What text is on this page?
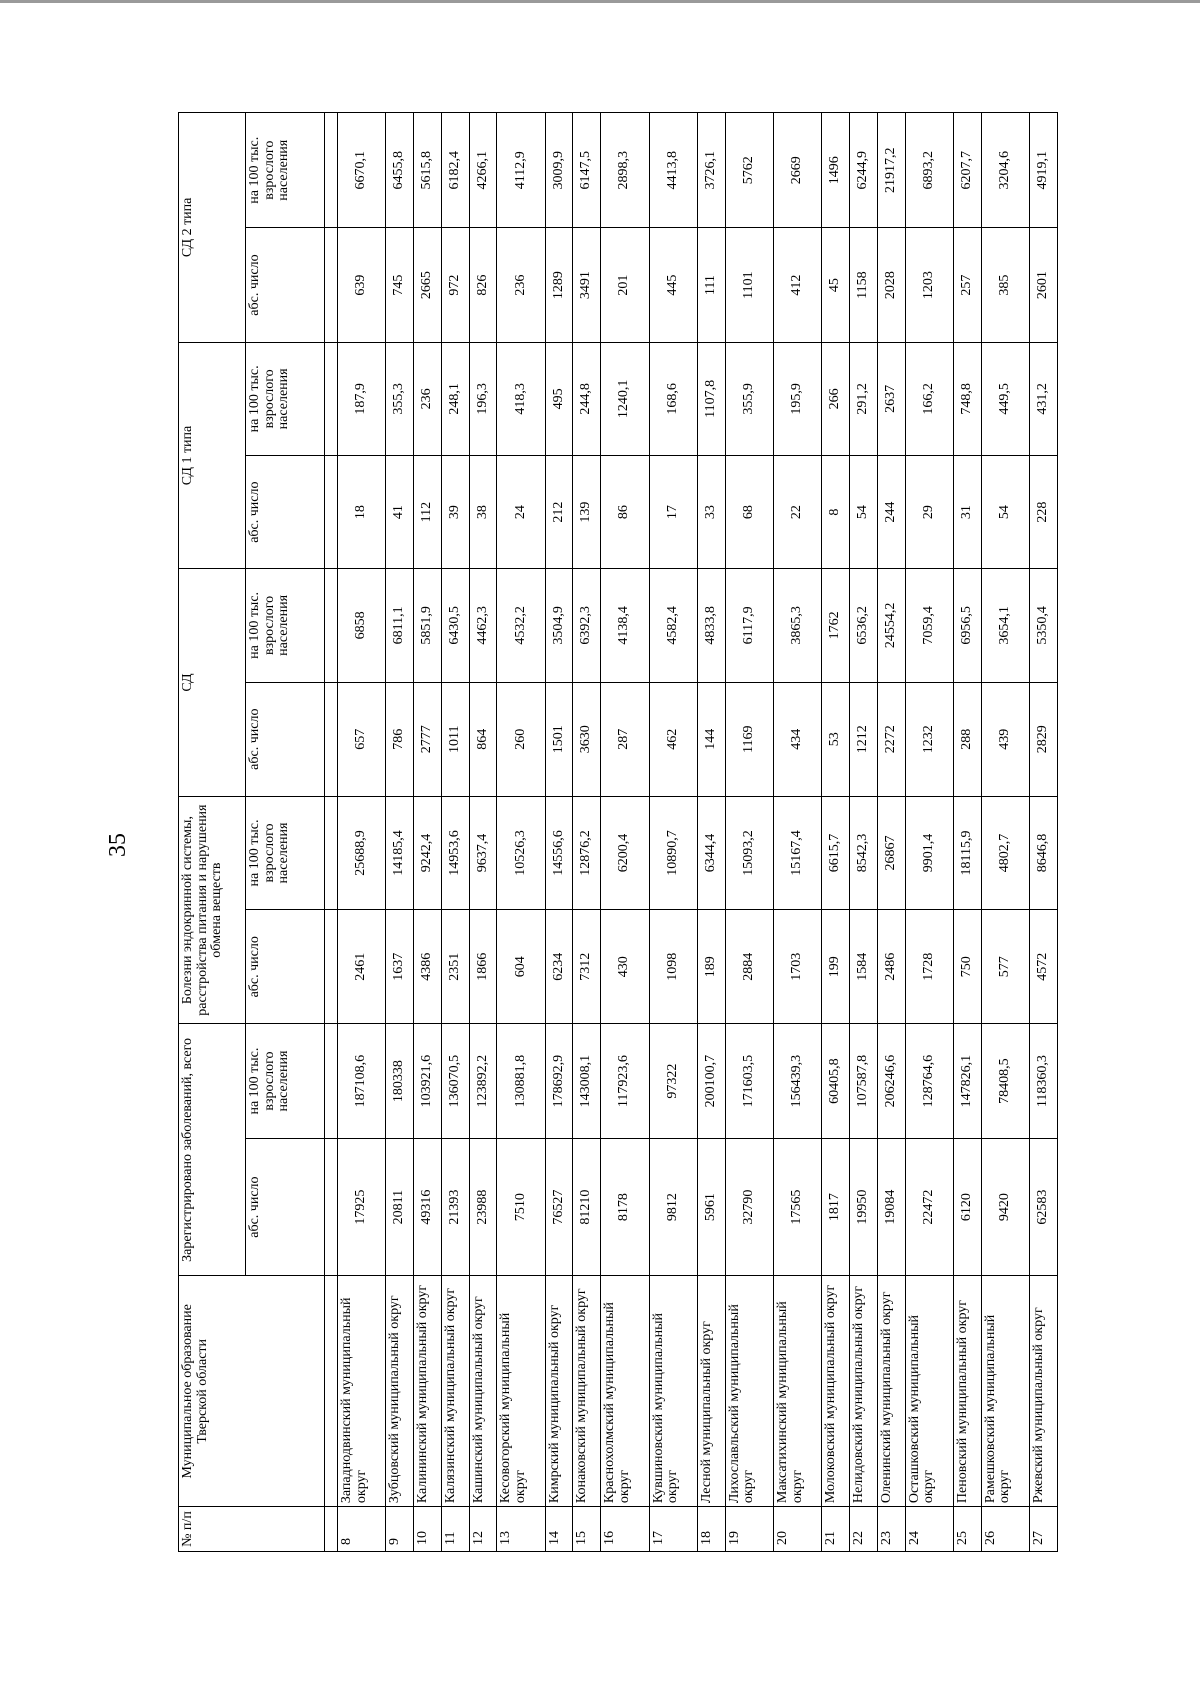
35
№ п/п	Муниципальное образование Тверской области	Зарегистрировано заболеваний, всего		Болезни эндокринной системы, расстройства питания и нарушения обмена веществ		СД		СД 1 типа		СД 2 типа	
		абс. число	на 100 тыс. взрослого населения	абс. число	на 100 тыс. взрослого населения	абс. число	на 100 тыс. взрослого населения	абс. число	на 100 тыс. взрослого населения	абс. число	на 100 тыс. взрослого населения

8	Западнодвинский муниципальный округ	17925	187108,6	2461	25688,9	657	6858	18	187,9	639	6670,1
9	Зубцовский муниципальный округ	20811	180338	1637	14185,4	786	6811,1	41	355,3	745	6455,8
10	Калининский муниципальный округ	49316	103921,6	4386	9242,4	2777	5851,9	112	236	2665	5615,8
11	Калязинский муниципальный округ	21393	136070,5	2351	14953,6	1011	6430,5	39	248,1	972	6182,4
12	Кашинский муниципальный округ	23988	123892,2	1866	9637,4	864	4462,3	38	196,3	826	4266,1
13	Кесовогорский муниципальный округ	7510	130881,8	604	10526,3	260	4532,2	24	418,3	236	4112,9
14	Кимрский муниципальный округ	76527	178692,9	6234	14556,6	1501	3504,9	212	495	1289	3009,9
15	Конаковский муниципальный округ	81210	143008,1	7312	12876,2	3630	6392,3	139	244,8	3491	6147,5
16	Краснохолмский муниципальный округ	8178	117923,6	430	6200,4	287	4138,4	86	1240,1	201	2898,3
17	Кувшиновский муниципальный округ	9812	97322	1098	10890,7	462	4582,4	17	168,6	445	4413,8
18	Лесной муниципальный округ	5961	200100,7	189	6344,4	144	4833,8	33	1107,8	111	3726,1
19	Лихославльский муниципальный округ	32790	171603,5	2884	15093,2	1169	6117,9	68	355,9	1101	5762
20	Максатихинский муниципальный округ	17565	156439,3	1703	15167,4	434	3865,3	22	195,9	412	2669
21	Молоковский муниципальный округ	1817	60405,8	199	6615,7	53	1762	8	266	45	1496
22	Нелидовский муниципальный округ	19950	107587,8	1584	8542,3	1212	6536,2	54	291,2	1158	6244,9
23	Оленинский муниципальный округ	19084	206246,6	2486	26867	2272	24554,2	244	2637	2028	21917,2
24	Осташковский муниципальный округ	22472	128764,6	1728	9901,4	1232	7059,4	29	166,2	1203	6893,2
25	Пеновский муниципальный округ	6120	147826,1	750	18115,9	288	6956,5	31	748,8	257	6207,7
26	Рамешковский муниципальный округ	9420	78408,5	577	4802,7	439	3654,1	54	449,5	385	3204,6
27	Ржевский муниципальный округ	62583	118360,3	4572	8646,8	2829	5350,4	228	431,2	2601	4919,1
